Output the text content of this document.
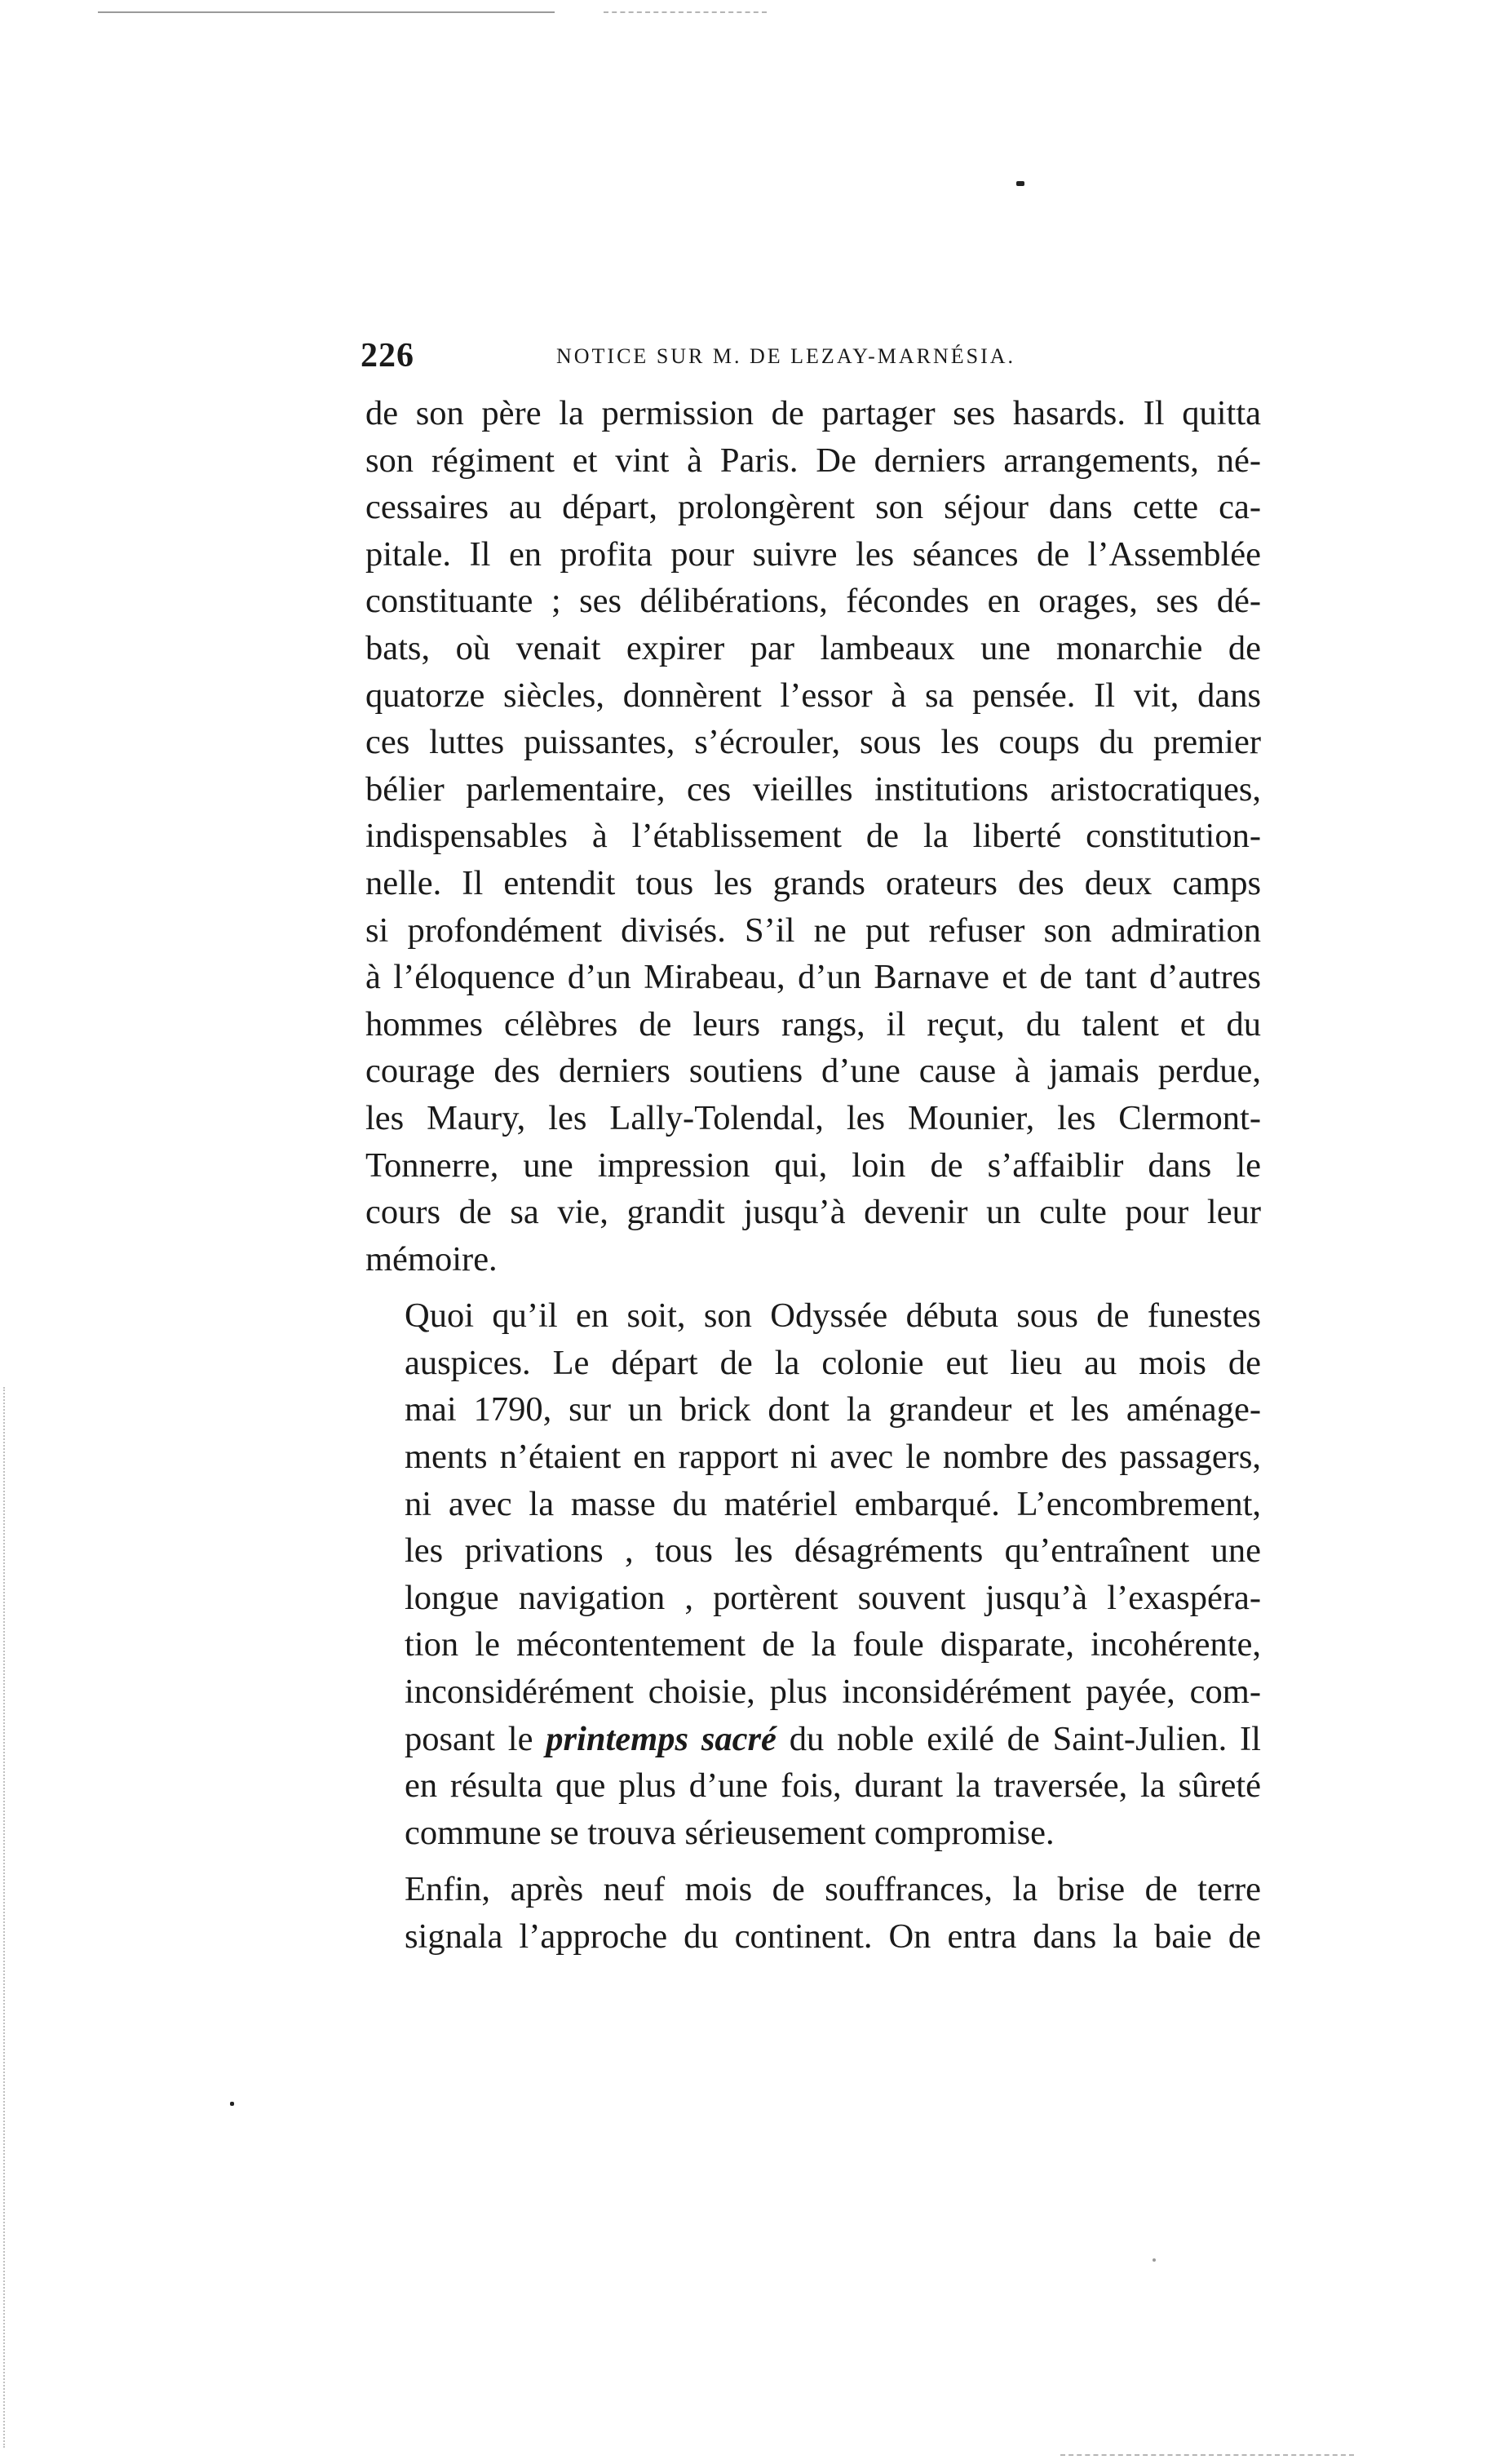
226	NOTICE SUR M. DE LEZAY-MARNÉSIA.

de son père la permission de partager ses hasards. Il quitta
son régiment et vint à Paris. De derniers arrangements, né-
cessaires au départ, prolongèrent son séjour dans cette ca-
pitale. Il en profita pour suivre les séances de l’Assemblée
constituante ; ses délibérations, fécondes en orages, ses dé-
bats, où venait expirer par lambeaux une monarchie de
quatorze siècles, donnèrent l’essor à sa pensée. Il vit, dans
ces luttes puissantes, s’écrouler, sous les coups du premier
bélier parlementaire, ces vieilles institutions aristocratiques,
indispensables à l’établissement de la liberté constitution-
nelle. Il entendit tous les grands orateurs des deux camps
si profondément divisés. S’il ne put refuser son admiration
à l’éloquence d’un Mirabeau, d’un Barnave et de tant d’autres
hommes célèbres de leurs rangs, il reçut, du talent et du
courage des derniers soutiens d’une cause à jamais perdue,
les Maury, les Lally-Tolendal, les Mounier, les Clermont-
Tonnerre, une impression qui, loin de s’affaiblir dans le
cours de sa vie, grandit jusqu’à devenir un culte pour leur
mémoire.

Quoi qu’il en soit, son Odyssée débuta sous de funestes
auspices. Le départ de la colonie eut lieu au mois de
mai 1790, sur un brick dont la grandeur et les aménage-
ments n’étaient en rapport ni avec le nombre des passagers,
ni avec la masse du matériel embarqué. L’encombrement,
les privations , tous les désagréments qu’entraînent une
longue navigation , portèrent souvent jusqu’à l’exaspéra-
tion le mécontentement de la foule disparate, incohérente,
inconsidérément choisie, plus inconsidérément payée, com-
posant le printemps sacré du noble exilé de Saint-Julien. Il
en résulta que plus d’une fois, durant la traversée, la sûreté
commune se trouva sérieusement compromise.

Enfin, après neuf mois de souffrances, la brise de terre
signala l’approche du continent. On entra dans la baie de
